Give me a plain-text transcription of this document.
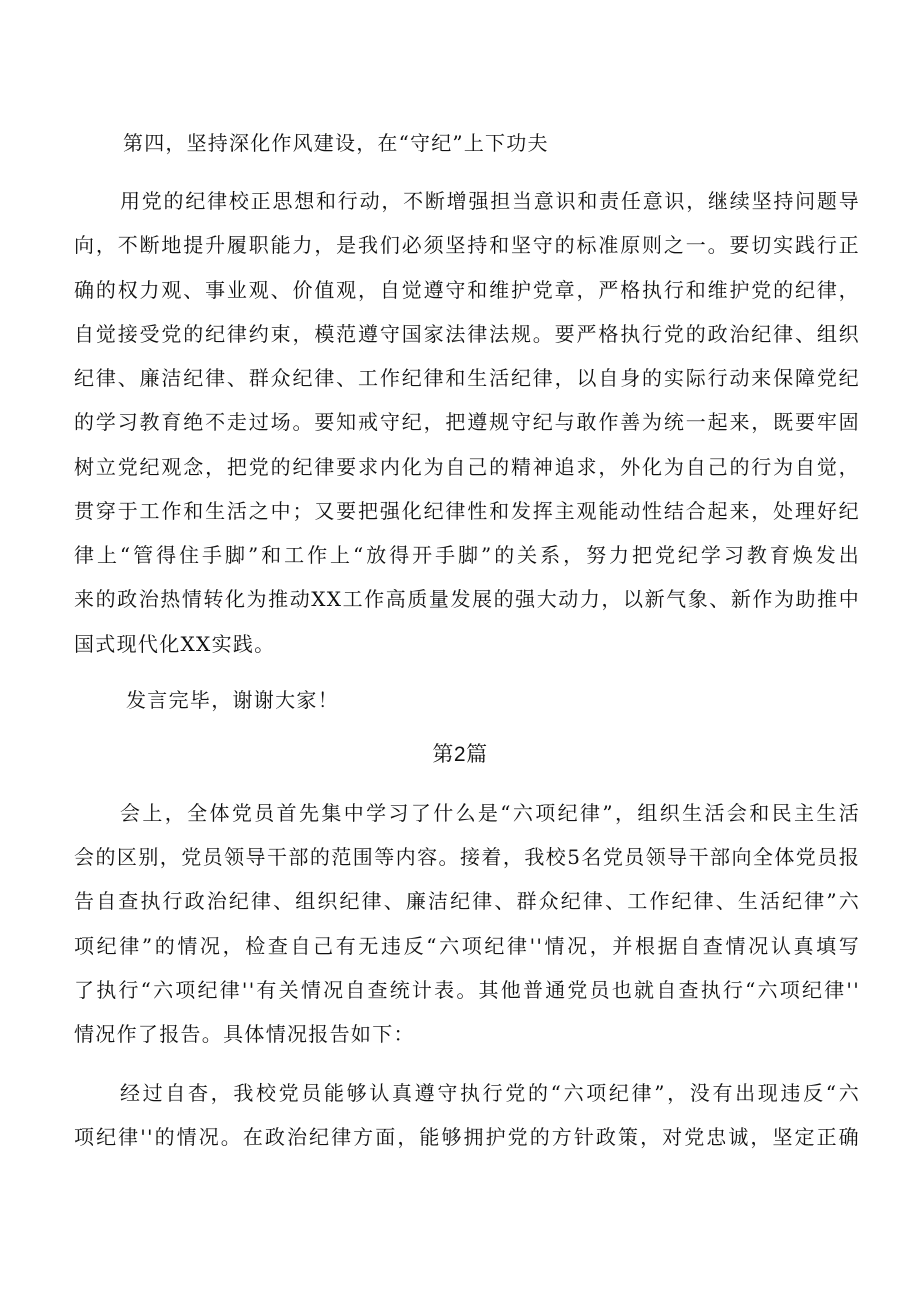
第四，坚持深化作风建设，在“守纪”上下功夫
用党的纪律校正思想和行动，不断增强担当意识和责任意识，继续坚持问题导
向，不断地提升履职能力，是我们必须坚持和坚守的标准原则之一。要切实践行正
确的权力观、事业观、价值观，自觉遵守和维护党章，严格执行和维护党的纪律，
自觉接受党的纪律约束，模范遵守国家法律法规。要严格执行党的政治纪律、组织
纪律、廉洁纪律、群众纪律、工作纪律和生活纪律，以自身的实际行动来保障党纪
的学习教育绝不走过场。要知戒守纪，把遵规守纪与敢作善为统一起来，既要牢固
树立党纪观念，把党的纪律要求内化为自己的精神追求，外化为自己的行为自觉，
贯穿于工作和生活之中；又要把强化纪律性和发挥主观能动性结合起来，处理好纪
律上“管得住手脚”和工作上“放得开手脚”的关系，努力把党纪学习教育焕发出
来的政治热情转化为推动XX工作高质量发展的强大动力，以新气象、新作为助推中
国式现代化XX实践。
发言完毕，谢谢大家！
第2篇
会上，全体党员首先集中学习了什么是“六项纪律”，组织生活会和民主生活
会的区别，党员领导干部的范围等内容。接着，我校5名党员领导干部向全体党员报
告自查执行政治纪律、组织纪律、廉洁纪律、群众纪律、工作纪律、生活纪律”六
项纪律”的情况，检查自己有无违反“六项纪律''情况，并根据自查情况认真填写
了执行“六项纪律''有关情况自查统计表。其他普通党员也就自查执行“六项纪律''
情况作了报告。具体情况报告如下：
经过自杳，我校党员能够认真遵守执行党的“六项纪律”，没有出现违反“六
项纪律''的情况。在政治纪律方面，能够拥护党的方针政策，对党忠诚，坚定正确
